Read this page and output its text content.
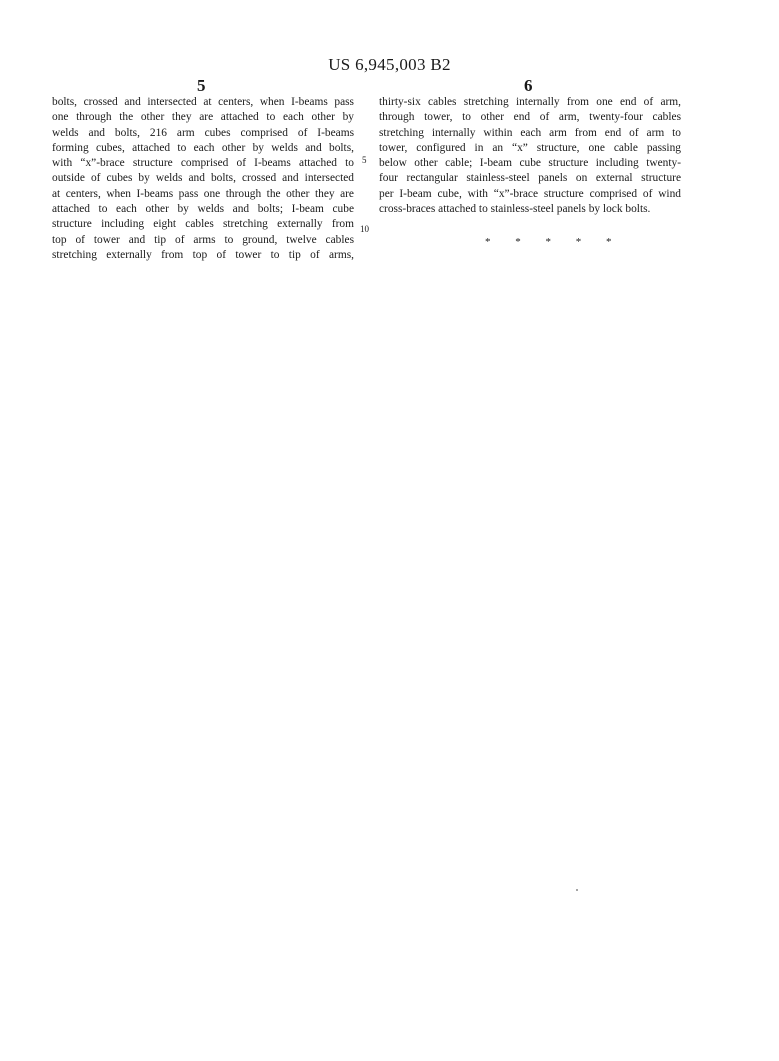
US 6,945,003 B2
5	6
bolts, crossed and intersected at centers, when I-beams pass
one through the other they are attached to each other by
welds and bolts, 216 arm cubes comprised of I-beams
forming cubes, attached to each other by welds and bolts,
with “x”-brace structure comprised of I-beams attached to
outside of cubes by welds and bolts, crossed and intersected
at centers, when I-beams pass one through the other they are
attached to each other by welds and bolts; I-beam cube
structure including eight cables stretching externally from
top of tower and tip of arms to ground, twelve cables
stretching externally from top of tower to tip of arms,
5
10
thirty-six cables stretching internally from one end of arm,
through tower, to other end of arm, twenty-four cables
stretching internally within each arm from end of arm to
tower, configured in an “x” structure, one cable passing
below other cable; I-beam cube structure including twenty-
four rectangular stainless-steel panels on external structure
per I-beam cube, with “x”-brace structure comprised of wind
cross-braces attached to stainless-steel panels by lock bolts.
* * * * *
